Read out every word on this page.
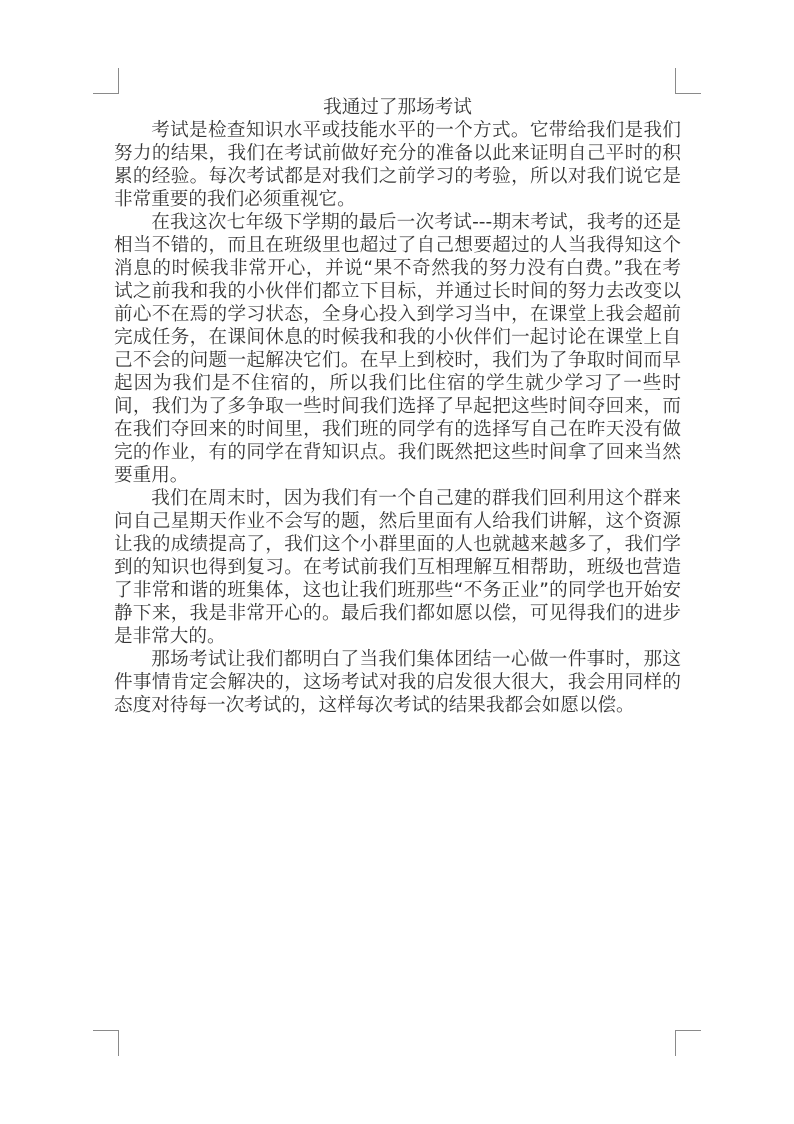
我通过了那场考试

考试是检查知识水平或技能水平的一个方式。它带给我们是我们努力的结果，我们在考试前做好充分的准备以此来证明自己平时的积累的经验。每次考试都是对我们之前学习的考验，所以对我们说它是非常重要的我们必须重视它。

在我这次七年级下学期的最后一次考试---期末考试，我考的还是相当不错的，而且在班级里也超过了自己想要超过的人当我得知这个消息的时候我非常开心，并说“果不奇然我的努力没有白费。”我在考试之前我和我的小伙伴们都立下目标，并通过长时间的努力去改变以前心不在焉的学习状态，全身心投入到学习当中，在课堂上我会超前完成任务，在课间休息的时候我和我的小伙伴们一起讨论在课堂上自己不会的问题一起解决它们。在早上到校时，我们为了争取时间而早起因为我们是不住宿的，所以我们比住宿的学生就少学习了一些时间，我们为了多争取一些时间我们选择了早起把这些时间夺回来，而在我们夺回来的时间里，我们班的同学有的选择写自己在昨天没有做完的作业，有的同学在背知识点。我们既然把这些时间拿了回来当然要重用。

我们在周末时，因为我们有一个自己建的群我们回利用这个群来问自己星期天作业不会写的题，然后里面有人给我们讲解，这个资源让我的成绩提高了，我们这个小群里面的人也就越来越多了，我们学到的知识也得到复习。在考试前我们互相理解互相帮助，班级也营造了非常和谐的班集体，这也让我们班那些“不务正业”的同学也开始安静下来，我是非常开心的。最后我们都如愿以偿，可见得我们的进步是非常大的。

那场考试让我们都明白了当我们集体团结一心做一件事时，那这件事情肯定会解决的，这场考试对我的启发很大很大，我会用同样的态度对待每一次考试的，这样每次考试的结果我都会如愿以偿。
